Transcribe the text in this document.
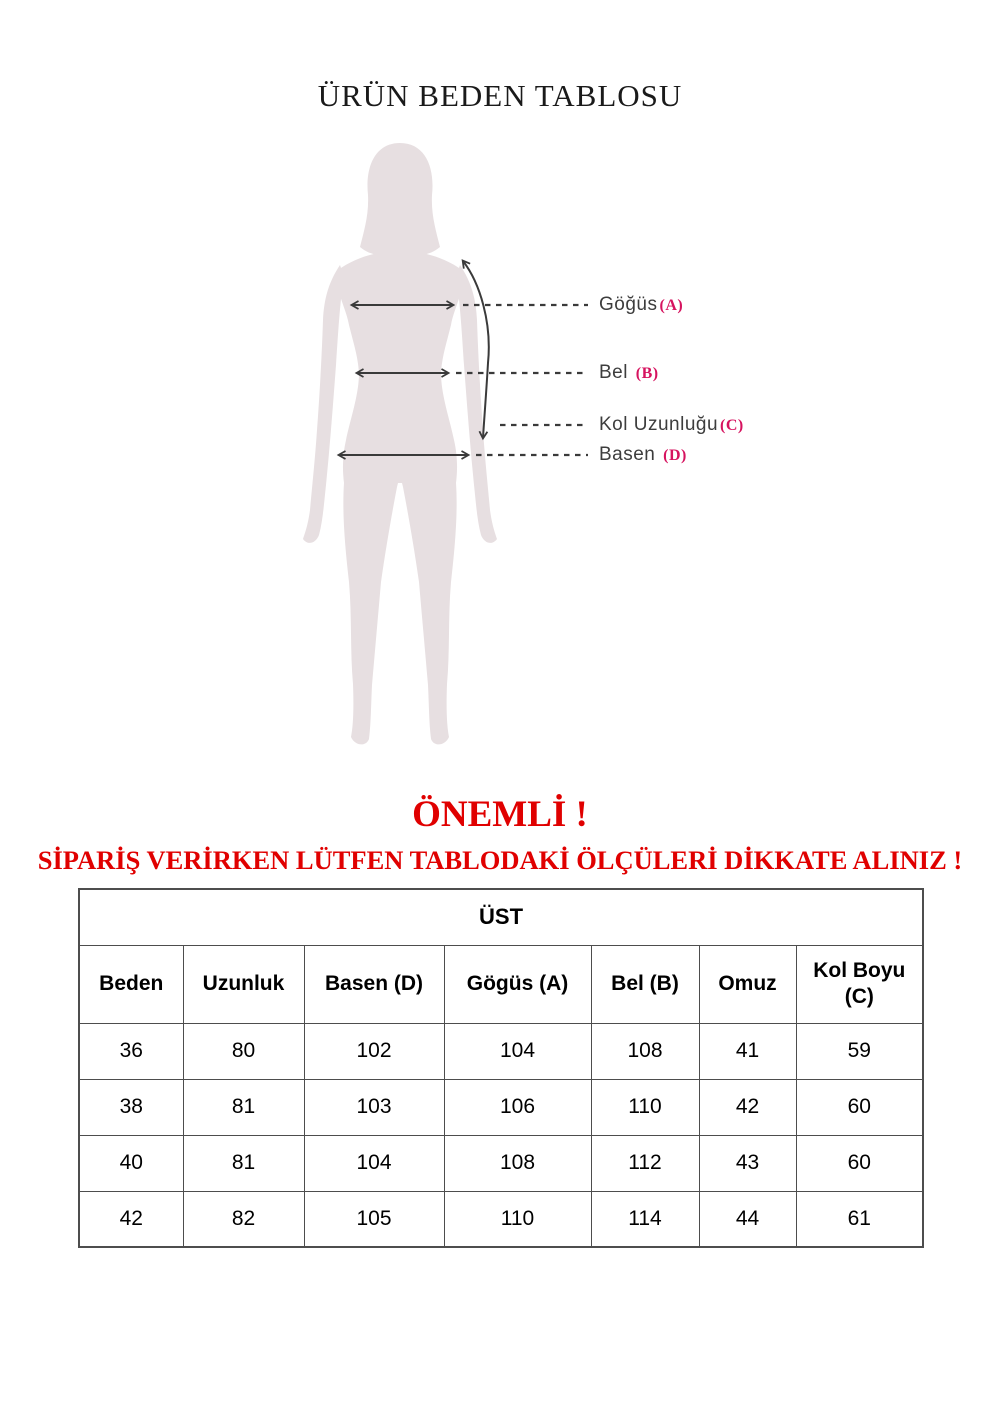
ÜRÜN BEDEN TABLOSU
Göğüs (A)
Bel (B)
Kol Uzunluğu (C)
Basen (D)
ÖNEMLİ !
SİPARİŞ VERİRKEN LÜTFEN TABLODAKİ ÖLÇÜLERİ DİKKATE ALINIZ !
ÜST						
Beden	Uzunluk	Basen (D)	Gögüs (A)	Bel (B)	Omuz	Kol Boyu (C)
36	80	102	104	108	41	59
38	81	103	106	110	42	60
40	81	104	108	112	43	60
42	82	105	110	114	44	61
